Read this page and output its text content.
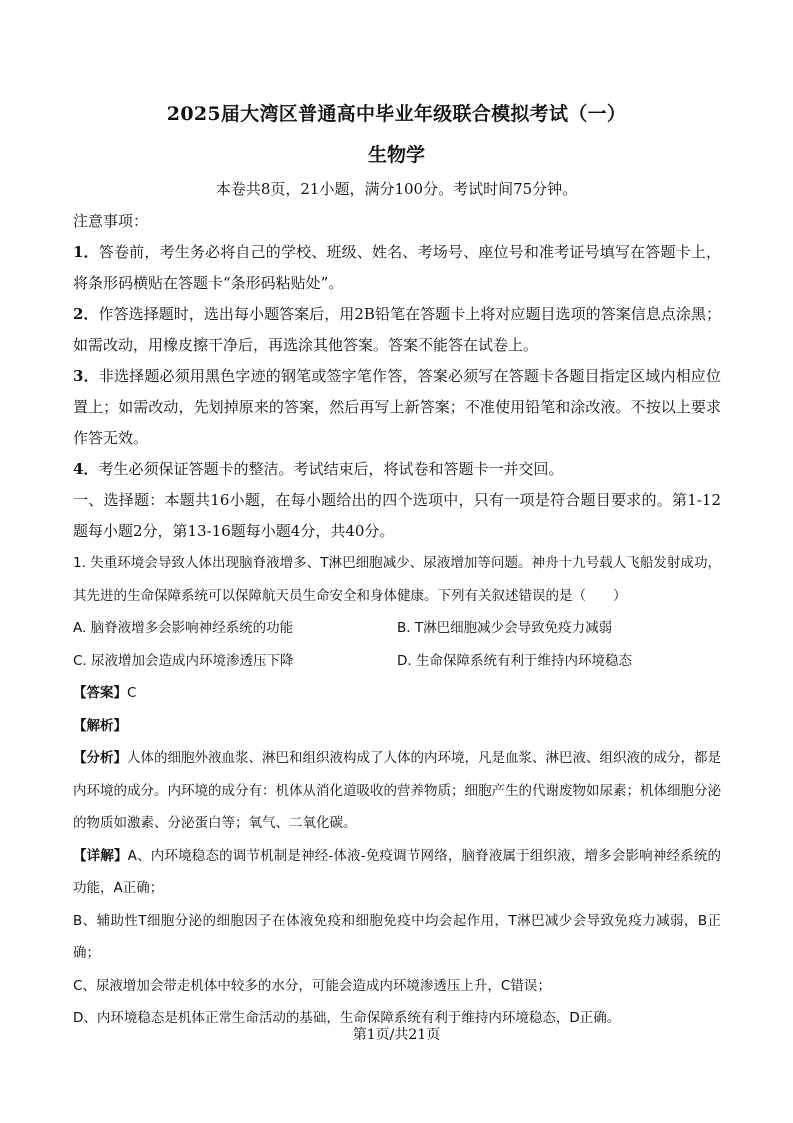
2025届大湾区普通高中毕业年级联合模拟考试（一）
生物学
本卷共8页，21小题，满分100分。考试时间75分钟。

注意事项：

1．答卷前，考生务必将自己的学校、班级、姓名、考场号、座位号和准考证号填写在答题卡上，将条形码横贴在答题卡“条形码粘贴处”。

2．作答选择题时，选出每小题答案后，用2B铅笔在答题卡上将对应题目选项的答案信息点涂黑；如需改动，用橡皮擦干净后，再选涂其他答案。答案不能答在试卷上。

3．非选择题必须用黑色字迹的钢笔或签字笔作答，答案必须写在答题卡各题目指定区域内相应位置上；如需改动，先划掉原来的答案，然后再写上新答案；不准使用铅笔和涂改液。不按以上要求作答无效。

4．考生必须保证答题卡的整洁。考试结束后，将试卷和答题卡一并交回。

一、选择题：本题共16小题，在每小题给出的四个选项中，只有一项是符合题目要求的。第1-12题每小题2分，第13-16题每小题4分，共40分。

1. 失重环境会导致人体出现脑脊液增多、T淋巴细胞减少、尿液增加等问题。神舟十九号载人飞船发射成功，其先进的生命保障系统可以保障航天员生命安全和身体健康。下列有关叙述错误的是（　　）

A. 脑脊液增多会影响神经系统的功能	B. T淋巴细胞减少会导致免疫力减弱
C. 尿液增加会造成内环境渗透压下降	D. 生命保障系统有利于维持内环境稳态

【答案】C

【解析】

【分析】人体的细胞外液血浆、淋巴和组织液构成了人体的内环境，凡是血浆、淋巴液、组织液的成分，都是内环境的成分。内环境的成分有：机体从消化道吸收的营养物质；细胞产生的代谢废物如尿素；机体细胞分泌的物质如激素、分泌蛋白等；氧气、二氧化碳。

【详解】A、内环境稳态的调节机制是神经-体液-免疫调节网络，脑脊液属于组织液，增多会影响神经系统的功能，A正确；

B、辅助性T细胞分泌的细胞因子在体液免疫和细胞免疫中均会起作用，T淋巴减少会导致免疫力减弱，B正确；

C、尿液增加会带走机体中较多的水分，可能会造成内环境渗透压上升，C错误；

D、内环境稳态是机体正常生命活动的基础，生命保障系统有利于维持内环境稳态，D正确。

第1页/共21页
